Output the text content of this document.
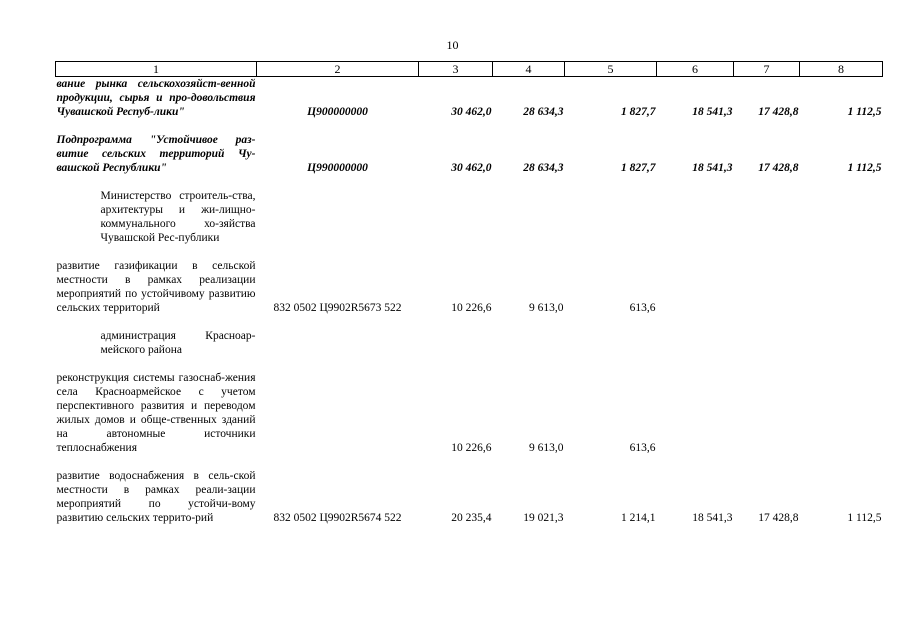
10
1	2	3	4	5	6	7	8
вание рынка сельскохозяйст-венной продукции, сырья и про-довольствия Чувашской Респуб-лики"	Ц900000000	30 462,0	28 634,3	1 827,7	18 541,3	17 428,8	1 112,5

Подпрограмма "Устойчивое раз-витие сельских территорий Чу-вашской Республики"	Ц990000000	30 462,0	28 634,3	1 827,7	18 541,3	17 428,8	1 112,5

Министерство строитель-ства, архитектуры и жи-лищно-коммунального хо-зяйства Чувашской Рес-публики							

развитие газификации в сельской местности в рамках реализации мероприятий по устойчивому развитию сельских территорий	832 0502 Ц9902R5673 522	10 226,6	9 613,0	613,6			

администрация Красноар-мейского района							

реконструкция системы газоснаб-жения села Красноармейское с учетом перспективного развития и переводом жилых домов и обще-ственных зданий на автономные источники теплоснабжения		10 226,6	9 613,0	613,6			

развитие водоснабжения в сель-ской местности в рамках реали-зации мероприятий по устойчи-вому развитию сельских террито-рий	832 0502 Ц9902R5674 522	20 235,4	19 021,3	1 214,1	18 541,3	17 428,8	1 112,5
